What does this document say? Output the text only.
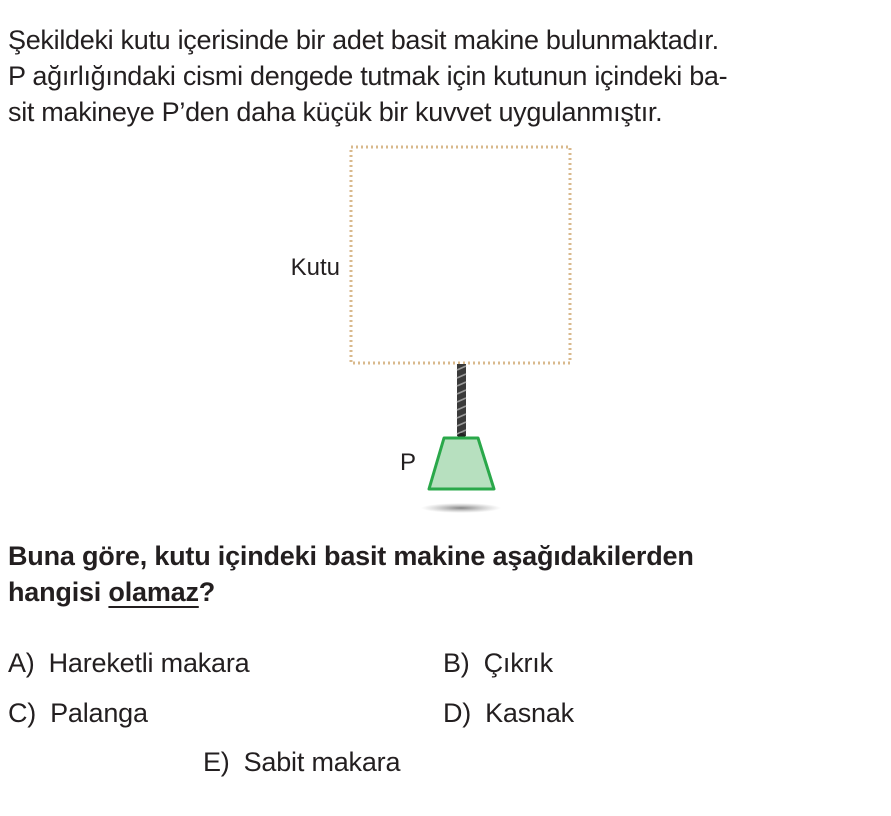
Şekildeki kutu içerisinde bir adet basit makine bulunmaktadır.
P ağırlığındaki cismi dengede tutmak için kutunun içindeki ba-
sit makineye P’den daha küçük bir kuvvet uygulanmıştır.
Kutu
P
Buna göre, kutu içindeki basit makine aşağıdakilerden
hangisi olamaz?
A) Hareketli makara	B) Çıkrık
C) Palanga	D) Kasnak
E) Sabit makara
